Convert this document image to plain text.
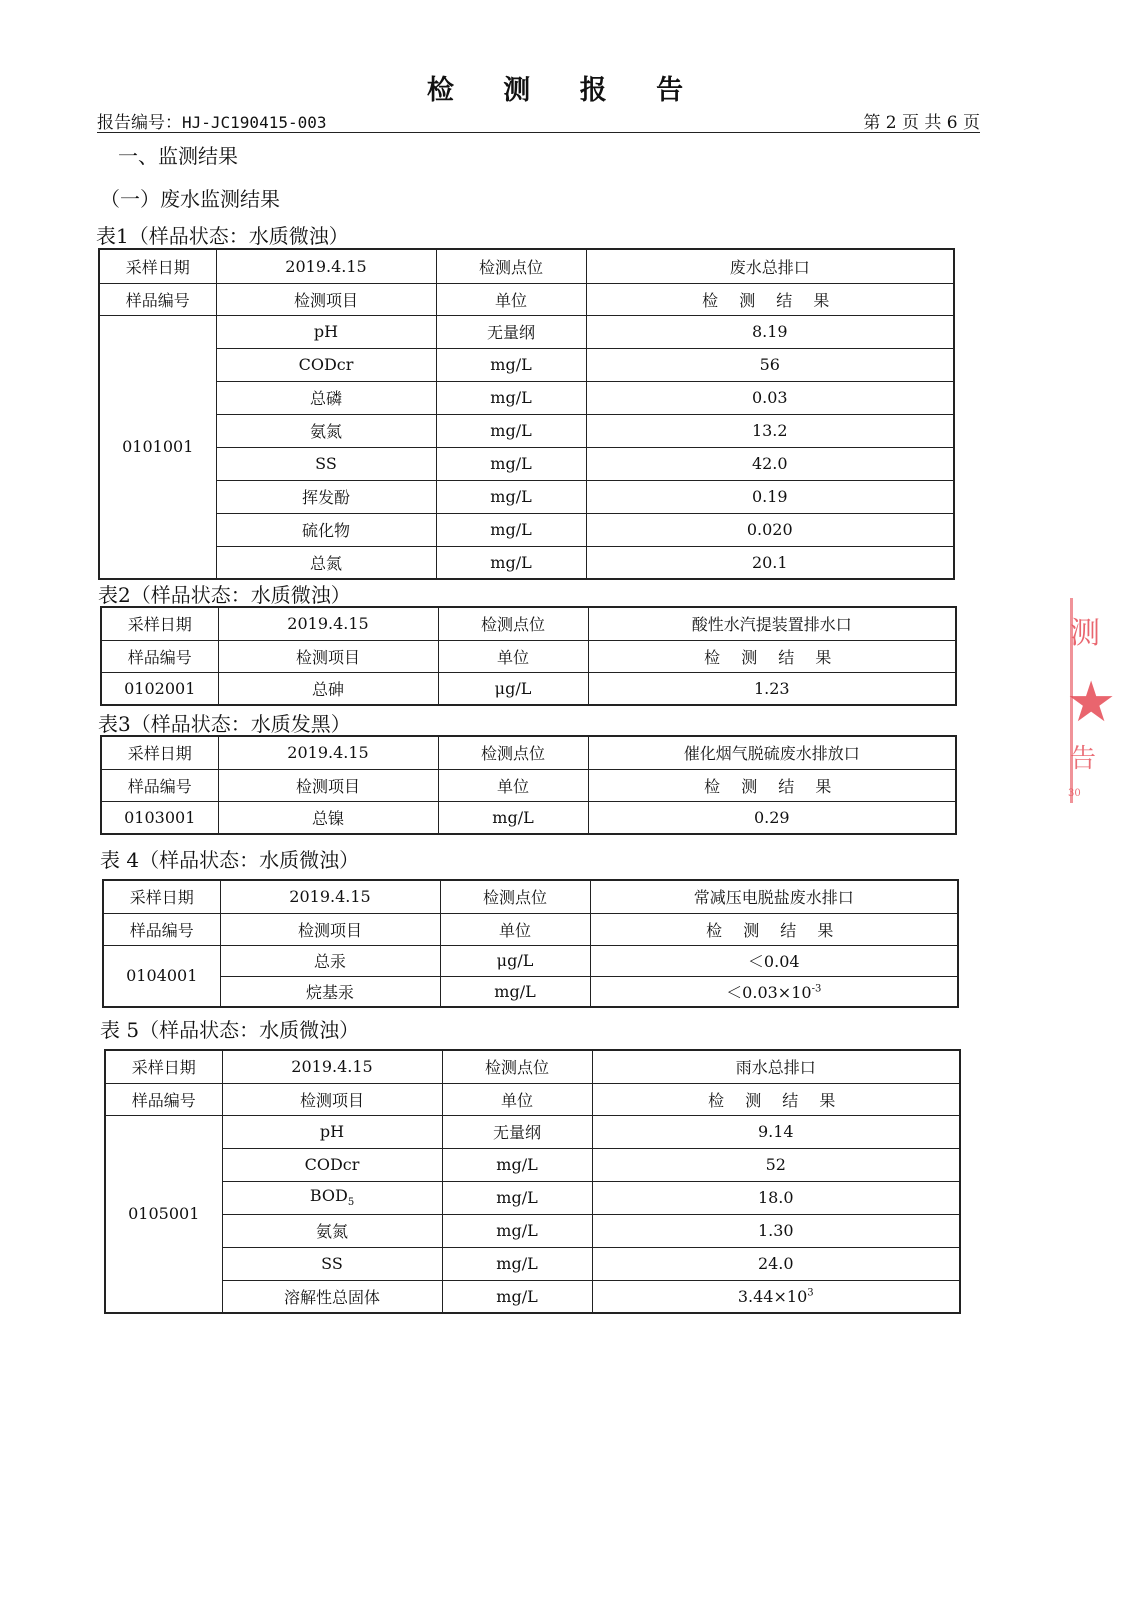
检 测 报 告
报告编号：HJ-JC190415-003	第 2 页 共 6 页
一、监测结果
（一）废水监测结果
表1（样品状态：水质微浊）
采样日期	2019.4.15	检测点位	废水总排口
样品编号	检测项目	单位	检 测 结 果
0101001	pH	无量纲	8.19
	CODcr	mg/L	56
	总磷	mg/L	0.03
	氨氮	mg/L	13.2
	SS	mg/L	42.0
	挥发酚	mg/L	0.19
	硫化物	mg/L	0.020
	总氮	mg/L	20.1
表2（样品状态：水质微浊）
采样日期	2019.4.15	检测点位	酸性水汽提装置排水口
样品编号	检测项目	单位	检 测 结 果
0102001	总砷	μg/L	1.23
表3（样品状态：水质发黑）
采样日期	2019.4.15	检测点位	催化烟气脱硫废水排放口
样品编号	检测项目	单位	检 测 结 果
0103001	总镍	mg/L	0.29
表 4（样品状态：水质微浊）
采样日期	2019.4.15	检测点位	常减压电脱盐废水排口
样品编号	检测项目	单位	检 测 结 果
0104001	总汞	μg/L	＜0.04
	烷基汞	mg/L	$<0.03\times 10^{-3}$
表 5（样品状态：水质微浊）
采样日期	2019.4.15	检测点位	雨水总排口
样品编号	检测项目	单位	检 测 结 果
0105001	pH	无量纲	9.14
	CODcr	mg/L	52
	$BOD_5$	mg/L	18.0
	氨氮	mg/L	1.30
	SS	mg/L	24.0
	溶解性总固体	mg/L	$3.44\times 10^3$
测
★
告
30
